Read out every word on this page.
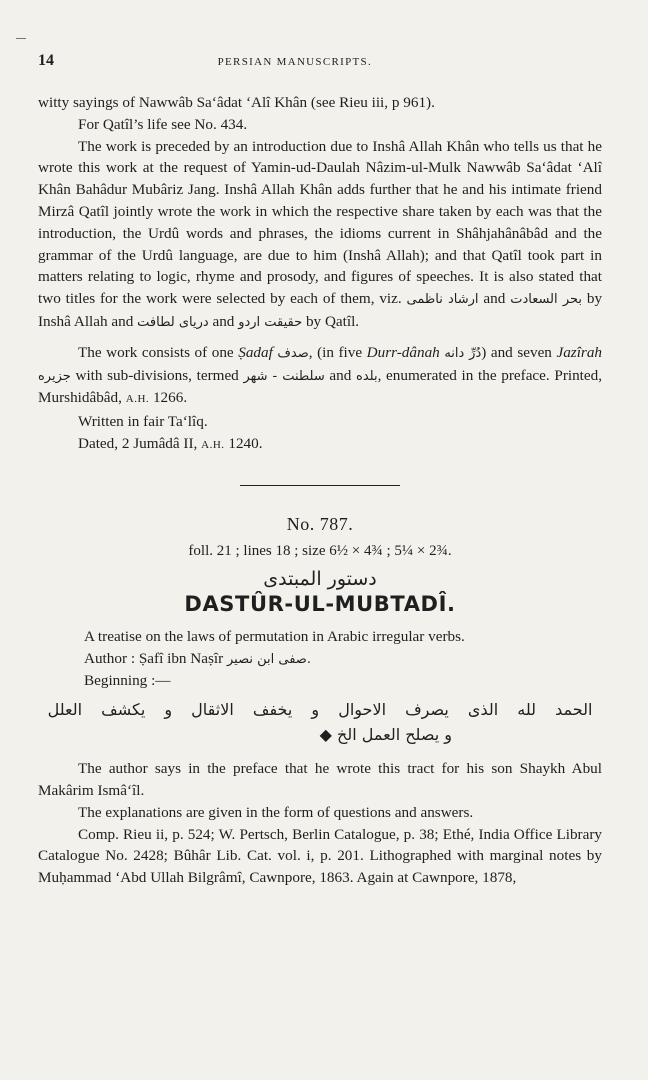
14	PERSIAN MANUSCRIPTS.

witty sayings of Nawwâb Sa‘âdat ‘Alî Khân (see Rieu iii, p 961).

For Qatîl’s life see No. 434.

The work is preceded by an introduction due to Inshâ Allah Khân who tells us that he wrote this work at the request of Yamin-ud-Daulah Nâzim-ul-Mulk Nawwâb Sa‘âdat ‘Alî Khân Bahâdur Mubâriz Jang. Inshâ Allah Khân adds further that he and his intimate friend Mirzâ Qatîl jointly wrote the work in which the respective share taken by each was that the introduction, the Urdû words and phrases, the idioms current in Shâhjahânâbâd and the grammar of the Urdû language, are due to him (Inshâ Allah); and that Qatîl took part in matters relating to logic, rhyme and prosody, and figures of speeches. It is also stated that two titles for the work were selected by each of them, viz. ارشاد ناظمی and بحر السعادت by Inshâ Allah and دریای لطافت and حقیقت اردو by Qatîl.

The work consists of one Ṣadaf صدف, (in five Durr-dânah دُرِّ دانه) and seven Jazîrah جزیره with sub-divisions, termed سلطنت - شهر and بلده, enumerated in the preface. Printed, Murshidâbâd, A.H. 1266.

Written in fair Ta‘lîq.

Dated, 2 Jumâdâ II, A.H. 1240.

No. 787.
foll. 21 ; lines 18 ; size 6½ × 4¾ ; 5¼ × 2¾.
دستور المبتدی
DASTÛR-UL-MUBTADÎ.

A treatise on the laws of permutation in Arabic irregular verbs.

Author : Ṣafî ibn Naṣîr صفی ابن نصیر.

Beginning :—

الحمد لله الذی یصرف الاحوال و یخفف الاثقال و یکشف العلل
و یصلح العمل الخ ◆

The author says in the preface that he wrote this tract for his son Shaykh Abul Makârim Ismâ‘îl.

The explanations are given in the form of questions and answers.

Comp. Rieu ii, p. 524; W. Pertsch, Berlin Catalogue, p. 38; Ethé, India Office Library Catalogue No. 2428; Bûhâr Lib. Cat. vol. i, p. 201. Lithographed with marginal notes by Muḥammad ‘Abd Ullah Bilgrâmî, Cawnpore, 1863. Again at Cawnpore, 1878,
